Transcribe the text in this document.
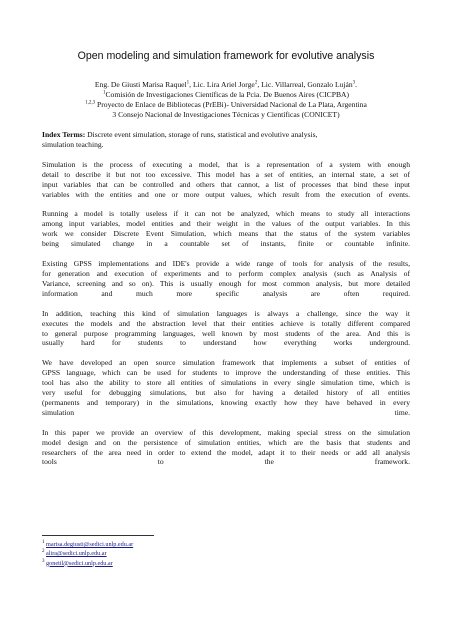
Open modeling and simulation framework for evolutive analysis
Eng. De Giusti Marisa Raquel$^1$, Lic. Lira Ariel Jorge$^2$, Lic. Villarreal, Gonzalo Luján$^3$.
$^1$Comisión de Investigaciones Científicas de la Pcia. De Buenos Aires (CICPBA)
$^{1,2,3}$ Proyecto de Enlace de Bibliotecas (PrEBi)- Universidad Nacional de La Plata, Argentina
3 Consejo Nacional de Investigaciones Técnicas y Científicas (CONICET)
Index Terms: Discrete event simulation, storage of runs, statistical and evolutive analysis,
simulation teaching.
Simulation is the process of executing a model, that is a representation of a system with enough
detail to describe it but not too excessive. This model has a set of entities, an internal state, a set of
input variables that can be controlled and others that cannot, a list of processes that bind these input
variables with the entities and one or more output values, which result from the execution of events.
Running a model is totally useless if it can not be analyzed, which means to study all interactions
among input variables, model entities and their weight in the values of the output variables. In this
work we consider Discrete Event Simulation, which means that the status of the system variables
being simulated change in a countable set of instants, finite or countable infinite.
Existing GPSS implementations and IDE's provide a wide range of tools for analysis of the results,
for generation and execution of experiments and to perform complex analysis (such as Analysis of
Variance, screening and so on). This is usually enough for most common analysis, but more detailed
information and much more specific analysis are often required.
In addition, teaching this kind of simulation languages is always a challenge, since the way it
executes the models and the abstraction level that their entities achieve is totally different compared
to general purpose programming languages, well known by most students of the area. And this is
usually hard for students to understand how everything works underground.
We have developed an open source simulation framework that implements a subset of entities of
GPSS language, which can be used for students to improve the understanding of these entities. This
tool has also the ability to store all entities of simulations in every single simulation time, which is
very useful for debugging simulations, but also for having a detailed history of all entities
(permanents and temporary) in the simulations, knowing exactly how they have behaved in every
simulation time.
In this paper we provide an overview of this development, making special stress on the simulation
model design and on the persistence of simulation entities, which are the basis that students and
researchers of the area need in order to extend the model, adapt it to their needs or add all analysis
tools to the framework.
$^1$ marisa.degiusti@sedici.unlp.edu.ar
$^2$ alira@sedici.unlp.edu.ar
$^3$ gonetil@sedici.unlp.edu.ar
